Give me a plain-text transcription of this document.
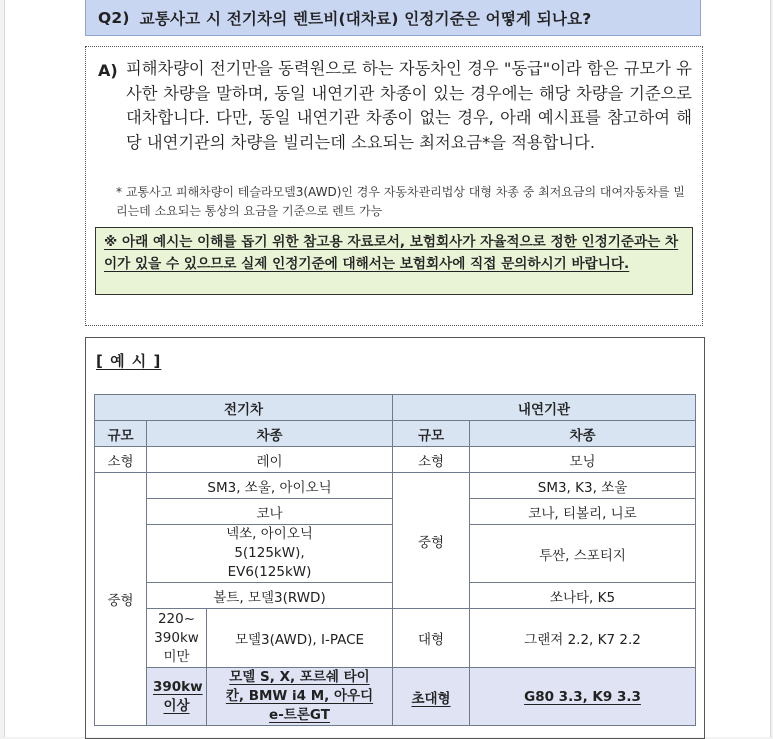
Q2) 교통사고 시 전기차의 렌트비(대차료) 인정기준은 어떻게 되나요?
A) 피해차량이 전기만을 동력원으로 하는 자동차인 경우 "동급"이라 함은 규모가 유사한 차량을 말하며, 동일 내연기관 차종이 있는 경우에는 해당 차량을 기준으로 대차합니다. 다만, 동일 내연기관 차종이 없는 경우, 아래 예시표를 참고하여 해당 내연기관의 차량을 빌리는데 소요되는 최저요금*을 적용합니다.
* 교통사고 피해차량이 테슬라모델3(AWD)인 경우 자동차관리법상 대형 차종 중 최저요금의 대여자동차를 빌리는데 소요되는 통상의 요금을 기준으로 렌트 가능
※ 아래 예시는 이해를 돕기 위한 참고용 자료로서, 보험회사가 자율적으로 정한 인정기준과는 차이가 있을 수 있으므로 실제 인정기준에 대해서는 보험회사에 직접 문의하시기 바랍니다.
[ 예 시 ]
전기차			내연기관	
규모	차종		규모	차종
소형	레이		소형	모닝
중형	SM3, 쏘울, 아이오닉		중형	SM3, K3, 쏘울
	코나			코나, 티볼리, 니로
	넥쏘, 아이오닉5(125kW), EV6(125kW)			투싼, 스포티지
	볼트, 모델3(RWD)			쏘나타, K5
	220~ 390kw 미만	모델3(AWD), I-PACE	대형	그랜져 2.2, K7 2.2
	390kw 이상	모델 S, X, 포르쉐 타이칸, BMW i4 M, 아우디 e-트론GT	초대형	G80 3.3, K9 3.3
